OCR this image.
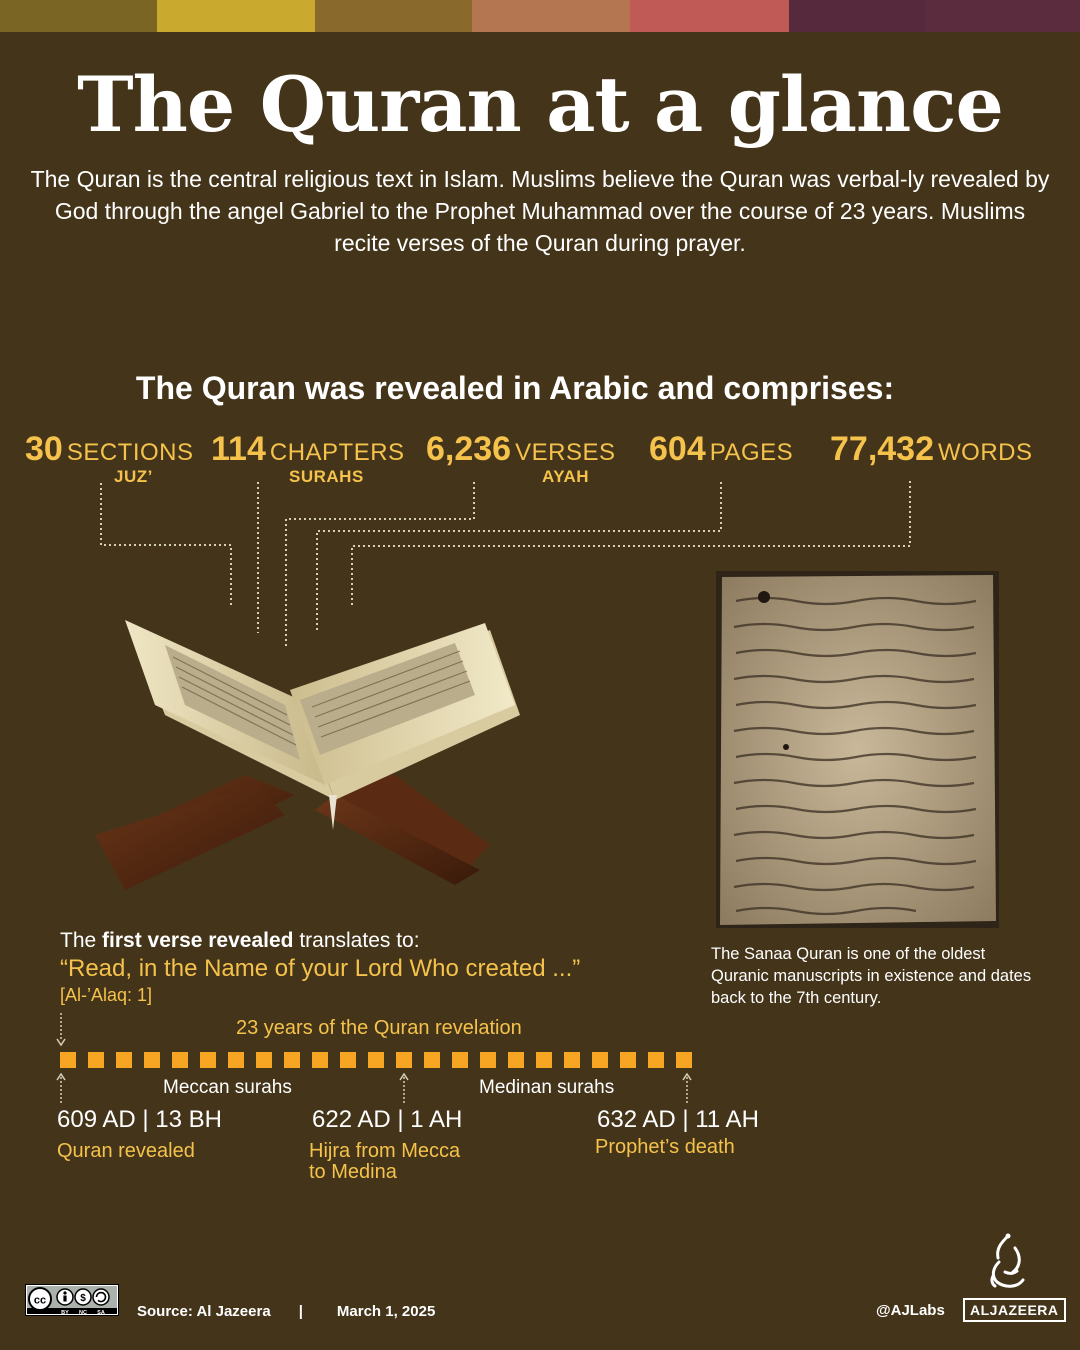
The Quran at a glance
The Quran is the central religious text in Islam. Muslims believe the Quran was verbal-ly revealed by God through the angel Gabriel to the Prophet Muhammad over the course of 23 years. Muslims recite verses of the Quran during prayer.
The Quran was revealed in Arabic and comprises:
30 SECTIONS
JUZ’
114 CHAPTERS
SURAHS
6,236 VERSES
AYAH
604 PAGES 77,432 WORDS
The Sanaa Quran is one of the oldest Quranic manuscripts in existence and dates back to the 7th century.
The first verse revealed translates to:
“Read, in the Name of your Lord Who created ...”
[Al-’Alaq: 1]
23 years of the Quran revelation
Meccan surahs	Medinan surahs
609 AD | 13 BH	622 AD | 1 AH	632 AD | 11 AH
Quran revealed	Hijra from Mecca
to Medina
Prophet’s death
cc	$
BY NC SA Source: Al Jazeera | March 1, 2025	@AJLabs	ALJAZEERA
